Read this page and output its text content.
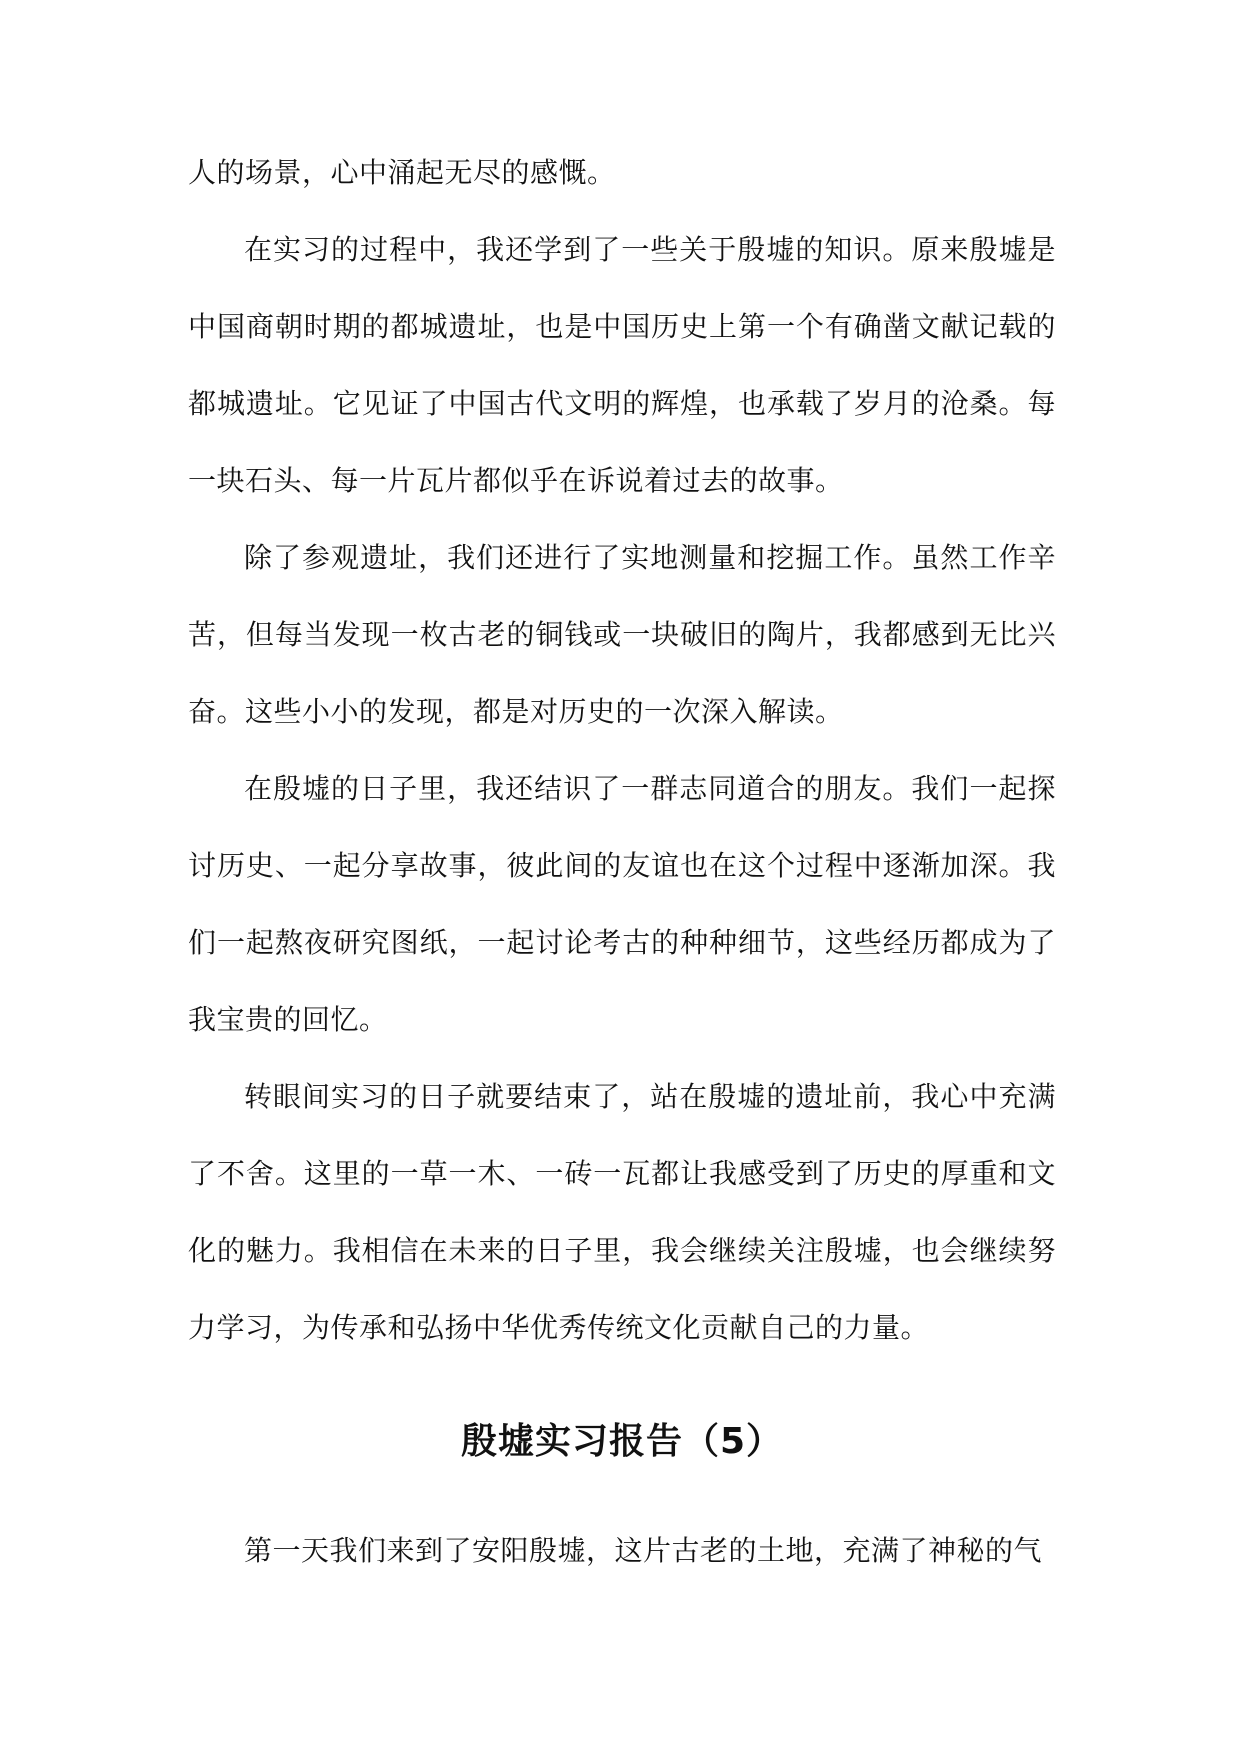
人的场景，心中涌起无尽的感慨。

在实习的过程中，我还学到了一些关于殷墟的知识。原来殷墟是中国商朝时期的都城遗址，也是中国历史上第一个有确凿文献记载的都城遗址。它见证了中国古代文明的辉煌，也承载了岁月的沧桑。每一块石头、每一片瓦片都似乎在诉说着过去的故事。

除了参观遗址，我们还进行了实地测量和挖掘工作。虽然工作辛苦，但每当发现一枚古老的铜钱或一块破旧的陶片，我都感到无比兴奋。这些小小的发现，都是对历史的一次深入解读。

在殷墟的日子里，我还结识了一群志同道合的朋友。我们一起探讨历史、一起分享故事，彼此间的友谊也在这个过程中逐渐加深。我们一起熬夜研究图纸，一起讨论考古的种种细节，这些经历都成为了我宝贵的回忆。

转眼间实习的日子就要结束了，站在殷墟的遗址前，我心中充满了不舍。这里的一草一木、一砖一瓦都让我感受到了历史的厚重和文化的魅力。我相信在未来的日子里，我会继续关注殷墟，也会继续努力学习，为传承和弘扬中华优秀传统文化贡献自己的力量。

殷墟实习报告（5）

第一天我们来到了安阳殷墟，这片古老的土地，充满了神秘的气
